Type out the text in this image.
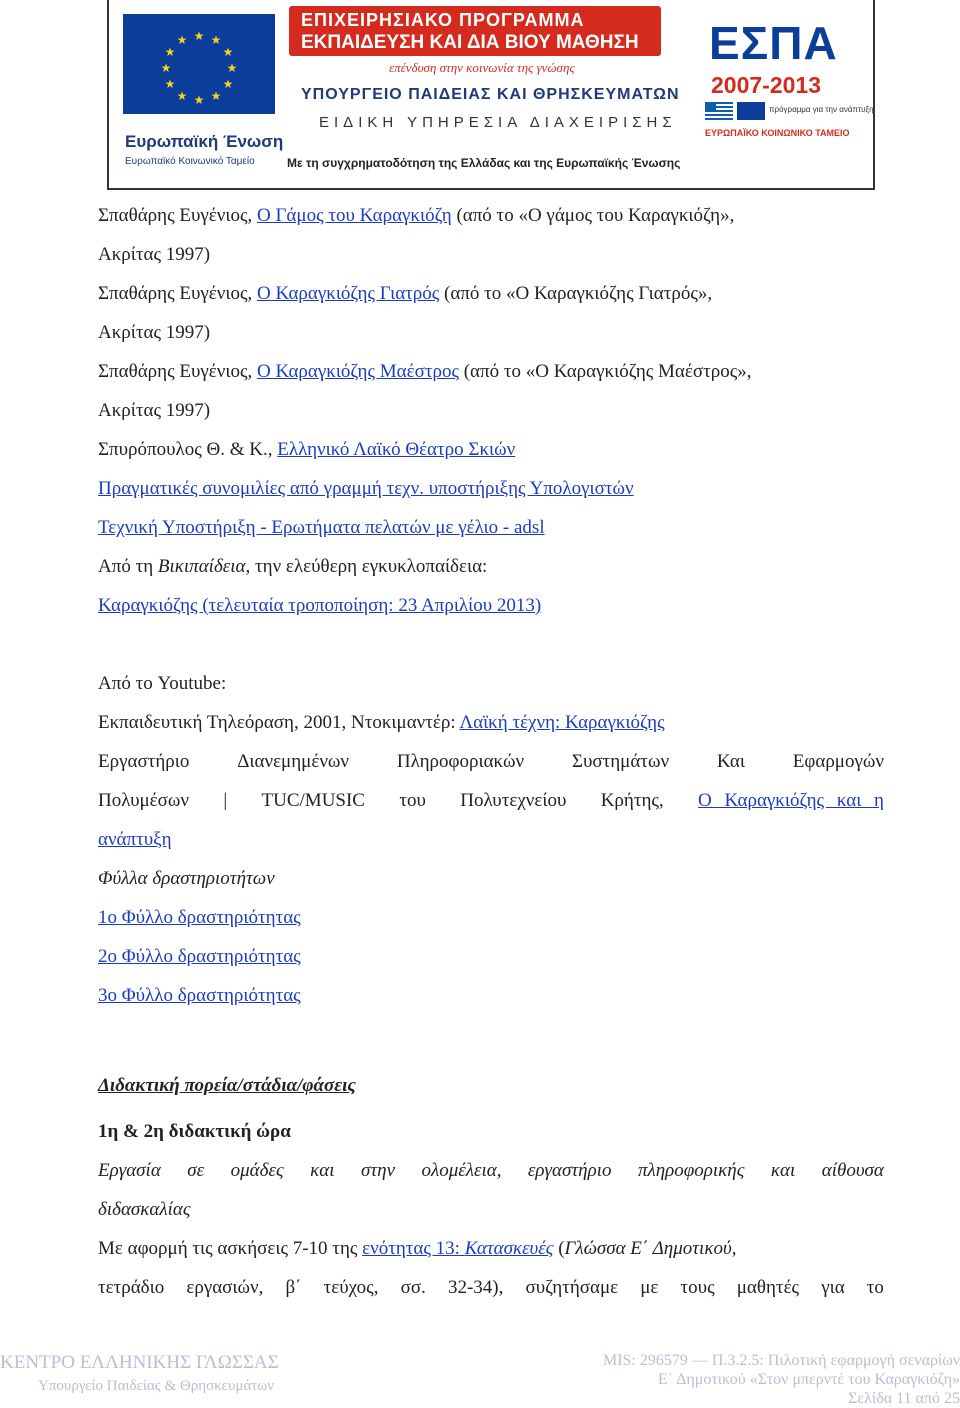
★ ★
★
★
★
★
★
★
★
★
★
★
Ευρωπαϊκή Ένωση
Ευρωπαϊκό Κοινωνικό Ταμείο
ΕΠΙΧΕΙΡΗΣΙΑΚΟ ΠΡΟΓΡΑΜΜΑ
ΕΚΠΑΙΔΕΥΣΗ ΚΑΙ ΔΙΑ ΒΙΟΥ ΜΑΘΗΣΗ
επένδυση στην κοινωνία της γνώσης
ΥΠΟΥΡΓΕΙΟ ΠΑΙΔΕΙΑΣ ΚΑΙ ΘΡΗΣΚΕΥΜΑΤΩΝ
ΕΙΔΙΚΗ ΥΠΗΡΕΣΙΑ ΔΙΑΧΕΙΡΙΣΗΣ
Με τη συγχρηματοδότηση της Ελλάδας και της Ευρωπαϊκής Ένωσης
ΕΣΠΑ
2007-2013
πρόγραμμα για την ανάπτυξη
ΕΥΡΩΠΑΪΚΟ ΚΟΙΝΩΝΙΚΟ ΤΑΜΕΙΟ
Σπαθάρης Ευγένιος, Ο Γάμος του Καραγκιόζη (από το «Ο γάμος του Καραγκιόζη»,
Ακρίτας 1997)
Σπαθάρης Ευγένιος, Ο Καραγκιόζης Γιατρός (από το «Ο Καραγκιόζης Γιατρός»,
Ακρίτας 1997)
Σπαθάρης Ευγένιος, Ο Καραγκιόζης Μαέστρος (από το «Ο Καραγκιόζης Μαέστρος»,
Ακρίτας 1997)
Σπυρόπουλος Θ. & Κ., Ελληνικό Λαϊκό Θέατρο Σκιών
Πραγματικές συνομιλίες από γραμμή τεχν. υποστήριξης Υπολογιστών
Τεχνική Υποστήριξη - Ερωτήματα πελατών με γέλιο - adsl
Από τη Βικιπαίδεια, την ελεύθερη εγκυκλοπαίδεια:
Καραγκιόζης (τελευταία τροποποίηση: 23 Απριλίου 2013)
Από το Youtube:
Εκπαιδευτική Τηλεόραση, 2001, Ντοκιμαντέρ: Λαϊκή τέχνη: Καραγκιόζης
Εργαστήριο	Διανεμημένων	Πληροφοριακών	Συστημάτων	Και	Εφαρμογών
Πολυμέσων | TUC/MUSIC του Πολυτεχνείου Κρήτης, Ο Καραγκιόζης και η
ανάπτυξη
Φύλλα δραστηριοτήτων
1ο Φύλλο δραστηριότητας
2ο Φύλλο δραστηριότητας
3ο Φύλλο δραστηριότητας
Διδακτική πορεία/στάδια/φάσεις
1η & 2η διδακτική ώρα
Εργασία σε ομάδες και στην ολομέλεια, εργαστήριο πληροφορικής και αίθουσα
διδασκαλίας
Με αφορμή τις ασκήσεις 7-10 της ενότητας 13: Κατασκευές (Γλώσσα Ε΄ Δημοτικού,
τετράδιο εργασιών, β΄ τεύχος, σσ. 32-34), συζητήσαμε με τους μαθητές για το
ΚΕΝΤΡΟ ΕΛΛΗΝΙΚΗΣ ΓΛΩΣΣΑΣ
Υπουργείο Παιδείας & Θρησκευμάτων
MIS: 296579 — Π.3.2.5: Πιλοτική εφαρμογή σεναρίων
Ε΄ Δημοτικού «Στον μπερντέ του Καραγκιόζη»
Σελίδα 11 από 25
